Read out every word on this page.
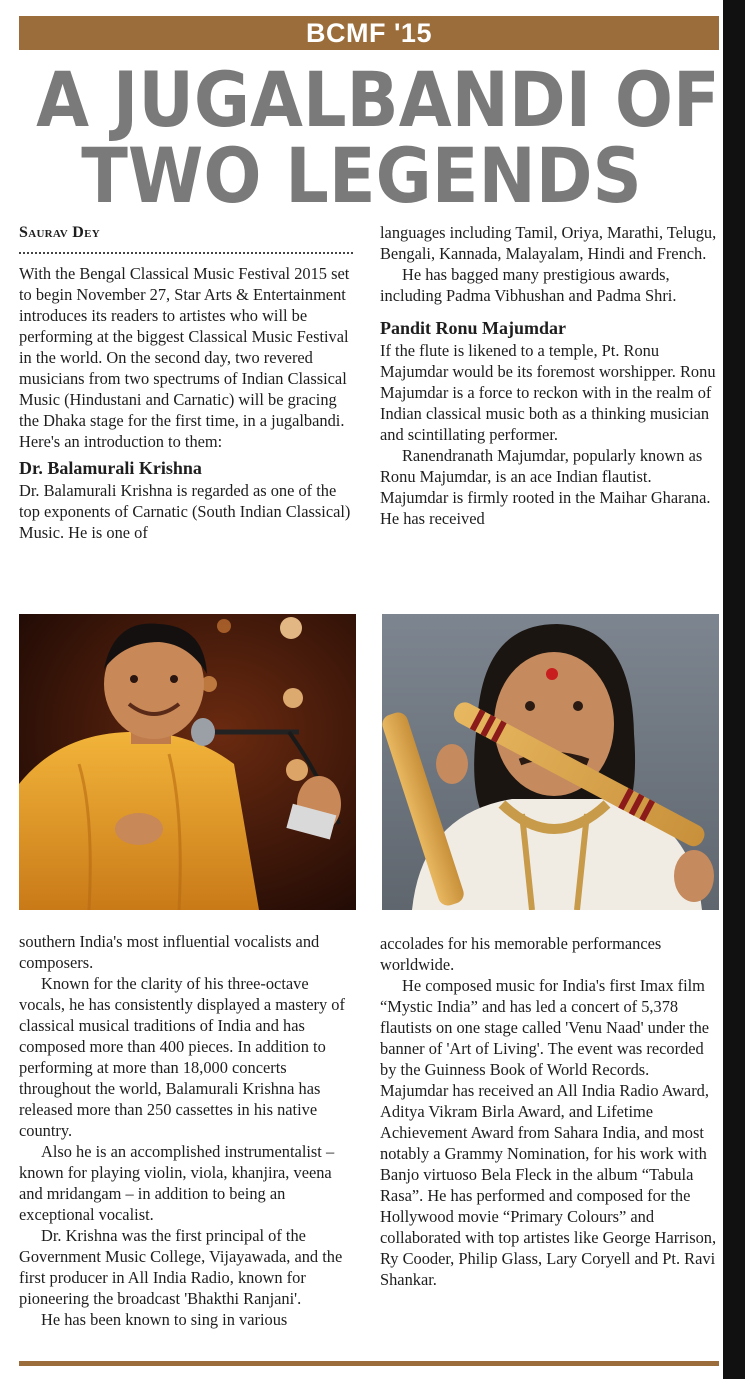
BCMF '15
A JUGALBANDI OF
TWO LEGENDS
Saurav Dey

With the Bengal Classical Music Festival 2015 set to begin November 27, Star Arts & Entertainment introduces its readers to artistes who will be performing at the biggest Classical Music Festival in the world. On the second day, two revered musicians from two spectrums of Indian Classical Music (Hindustani and Carnatic) will be gracing the Dhaka stage for the first time, in a jugalbandi. Here's an introduction to them:

Dr. Balamurali Krishna

Dr. Balamurali Krishna is regarded as one of the top exponents of Carnatic (South Indian Classical) Music. He is one of

languages including Tamil, Oriya, Marathi, Telugu, Bengali, Kannada, Malayalam, Hindi and French.

He has bagged many prestigious awards, including Padma Vibhushan and Padma Shri.

Pandit Ronu Majumdar

If the flute is likened to a temple, Pt. Ronu Majumdar would be its foremost worshipper. Ronu Majumdar is a force to reckon with in the realm of Indian classical music both as a thinking musician and scintillating performer.

Ranendranath Majumdar, popularly known as Ronu Majumdar, is an ace Indian flautist. Majumdar is firmly rooted in the Maihar Gharana. He has received

southern India's most influential vocalists and composers.

Known for the clarity of his three-octave vocals, he has consistently displayed a mastery of classical musical traditions of India and has composed more than 400 pieces. In addition to performing at more than 18,000 concerts throughout the world, Balamurali Krishna has released more than 250 cassettes in his native country.

Also he is an accomplished instrumentalist – known for playing violin, viola, khanjira, veena and mridangam – in addition to being an exceptional vocalist.

Dr. Krishna was the first principal of the Government Music College, Vijayawada, and the first producer in All India Radio, known for pioneering the broadcast 'Bhakthi Ranjani'.

He has been known to sing in various

accolades for his memorable performances worldwide.

He composed music for India's first Imax film “Mystic India” and has led a concert of 5,378 flautists on one stage called 'Venu Naad' under the banner of 'Art of Living'. The event was recorded by the Guinness Book of World Records. Majumdar has received an All India Radio Award, Aditya Vikram Birla Award, and Lifetime Achievement Award from Sahara India, and most notably a Grammy Nomination, for his work with Banjo virtuoso Bela Fleck in the album “Tabula Rasa”. He has performed and composed for the Hollywood movie “Primary Colours” and collaborated with top artistes like George Harrison, Ry Cooder, Philip Glass, Lary Coryell and Pt. Ravi Shankar.
